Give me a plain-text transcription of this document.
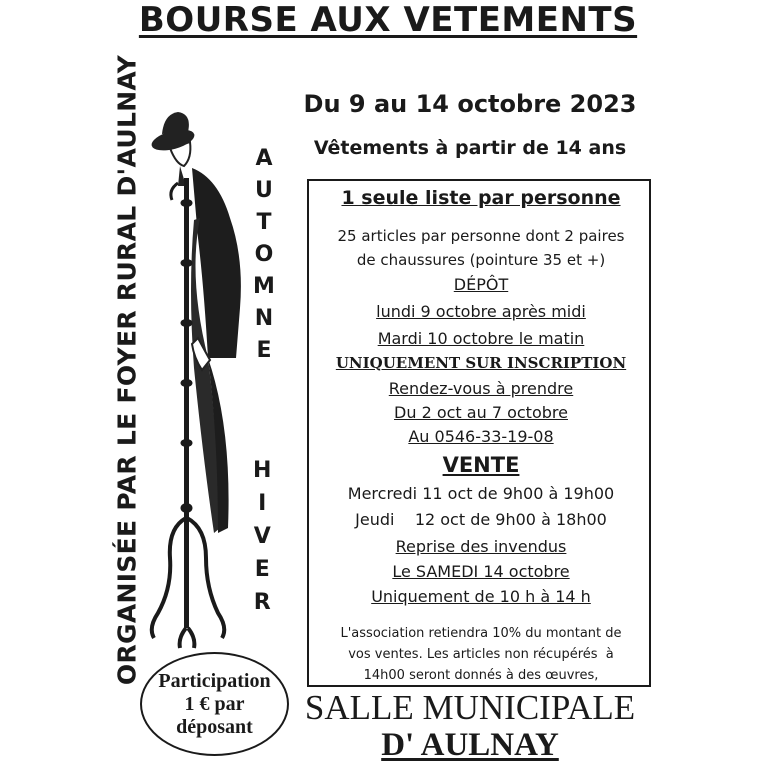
BOURSE AUX VETEMENTS
ORGANISÉE PAR LE FOYER RURAL D'AULNAY	A
U
T
O
M
N
E
H
I
V
E
R
Du 9 au 14 octobre 2023
Vêtements à partir de 14 ans
1 seule liste par personne
25 articles par personne dont 2 paires
de chaussures (pointure 35 et +)
DÉPÔT
lundi 9 octobre après midi
Mardi 10 octobre le matin
UNIQUEMENT SUR INSCRIPTION
Rendez-vous à prendre
Du 2 oct au 7 octobre
Au 0546-33-19-08
VENTE
Mercredi 11 oct de 9h00 à 19h00
Jeudi    12 oct de 9h00 à 18h00
Reprise des invendus
Le SAMEDI 14 octobre
Uniquement de 10 h à 14 h
L'association retiendra 10% du montant de
vos ventes. Les articles non récupérés  à
14h00 seront donnés à des œuvres,
Participation
1 € par
déposant	SALLE MUNICIPALE
D' AULNAY
